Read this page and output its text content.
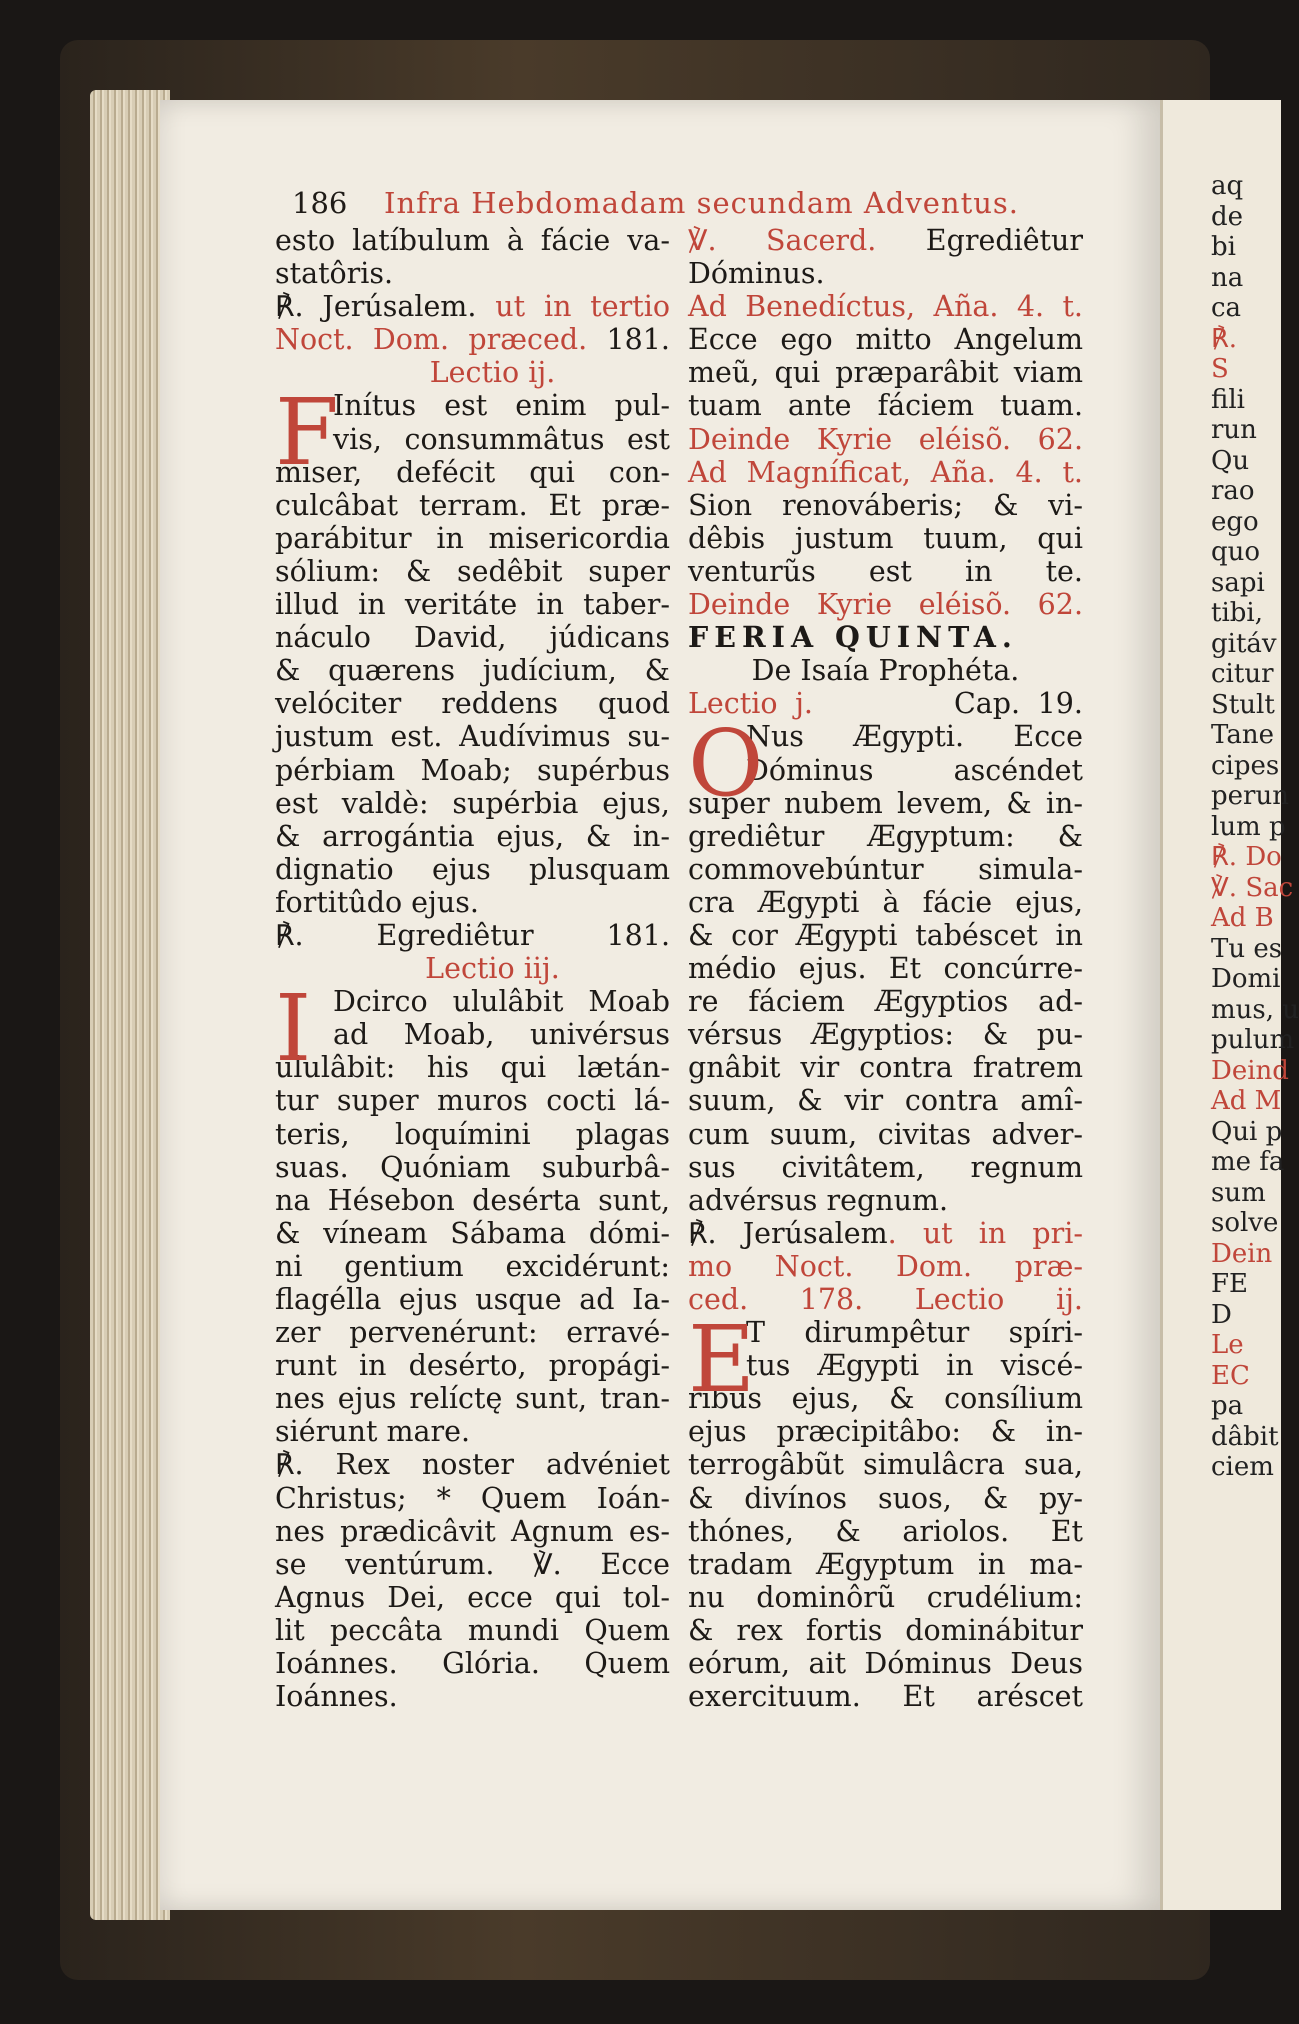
aq
de
bi
na
ca
℟.
S
fili
run
Qu
rao
ego
quo
sapi
tibi,
gitáv
citur
Stult
Tane
cipes
perun
lum p
℟. Do
℣. Sac
Ad B
Tu es
Domi
mus, u
pulum
Deind
Ad M
Qui p
me fa
sum
solve
Dein
FE
D
Le
EC
pa
dâbit
ciem
186 Infra Hebdomadam secundam Adventus.
esto latíbulum à fácie va-
statôris.
℟. Jerúsalem. ut in tertio
Noct. Dom. præced. 181.
Lectio ij.
F
Inítus est enim pul-
vis, consummâtus est
miser, defécit qui con-
culcâbat terram. Et præ-
parábitur in misericordia
sólium: & sedêbit super
illud in veritáte in taber-
náculo David, júdicans
& quærens judícium, &
velóciter reddens quod
justum est. Audívimus su-
pérbiam Moab; supérbus
est valdè: supérbia ejus,
& arrogántia ejus, & in-
dignatio ejus plusquam
fortitûdo ejus.
℟. Egrediêtur 181.
Lectio iij.
I Dcirco ululâbit Moab
ad Moab, univérsus
ululâbit: his qui lætán-
tur super muros cocti lá-
teris, loquímini plagas
suas. Quóniam suburbâ-
na Hésebon desérta sunt,
& víneam Sábama dómi-
ni gentium excidérunt:
flagélla ejus usque ad Ia-
zer pervenérunt: erravé-
runt in desérto, propági-
nes ejus relíctę sunt, tran-
siérunt mare.
℟. Rex noster advéniet
Christus; * Quem Ioán-
nes prædicâvit Agnum es-
se ventúrum. ℣. Ecce
Agnus Dei, ecce qui tol-
lit peccâta mundi Quem
Ioánnes. Glória. Quem
Ioánnes.
℣. Sacerd. Egrediêtur
Dóminus.
Ad Benedíctus, Aña. 4. t.
Ecce ego mitto Angelum
meũ, qui præparâbit viam
tuam ante fáciem tuam.
Deinde Kyrie eléisõ. 62.
Ad Magníficat, Aña. 4. t.
Sion renováberis; & vi-
dêbis justum tuum, qui
venturũs est in te.
Deinde Kyrie eléisõ. 62.
FERIA QUINTA.
De Isaía Prophéta.
Lectio j.        Cap. 19.
O
Nus Ægypti. Ecce
Dóminus ascéndet
super nubem levem, & in-
grediêtur Ægyptum: &
commovebúntur simula-
cra Ægypti à fácie ejus,
& cor Ægypti tabéscet in
médio ejus. Et concúrre-
re fáciem Ægyptios ad-
vérsus Ægyptios: & pu-
gnâbit vir contra fratrem
suum, & vir contra amî-
cum suum, civitas adver-
sus civitâtem, regnum
advérsus regnum.
℟. Jerúsalem. ut in pri-
mo Noct. Dom. præ-
ced. 178. Lectio ij.
E
T dirumpêtur spíri-
tus Ægypti in viscé-
ribus ejus, & consílium
ejus præcipitâbo: & in-
terrogâbũt simulâcra sua,
& divínos suos, & py-
thónes, & ariolos. Et
tradam Ægyptum in ma-
nu dominôrũ crudélium:
& rex fortis dominábitur
eórum, ait Dóminus Deus
exercituum. Et aréscet
